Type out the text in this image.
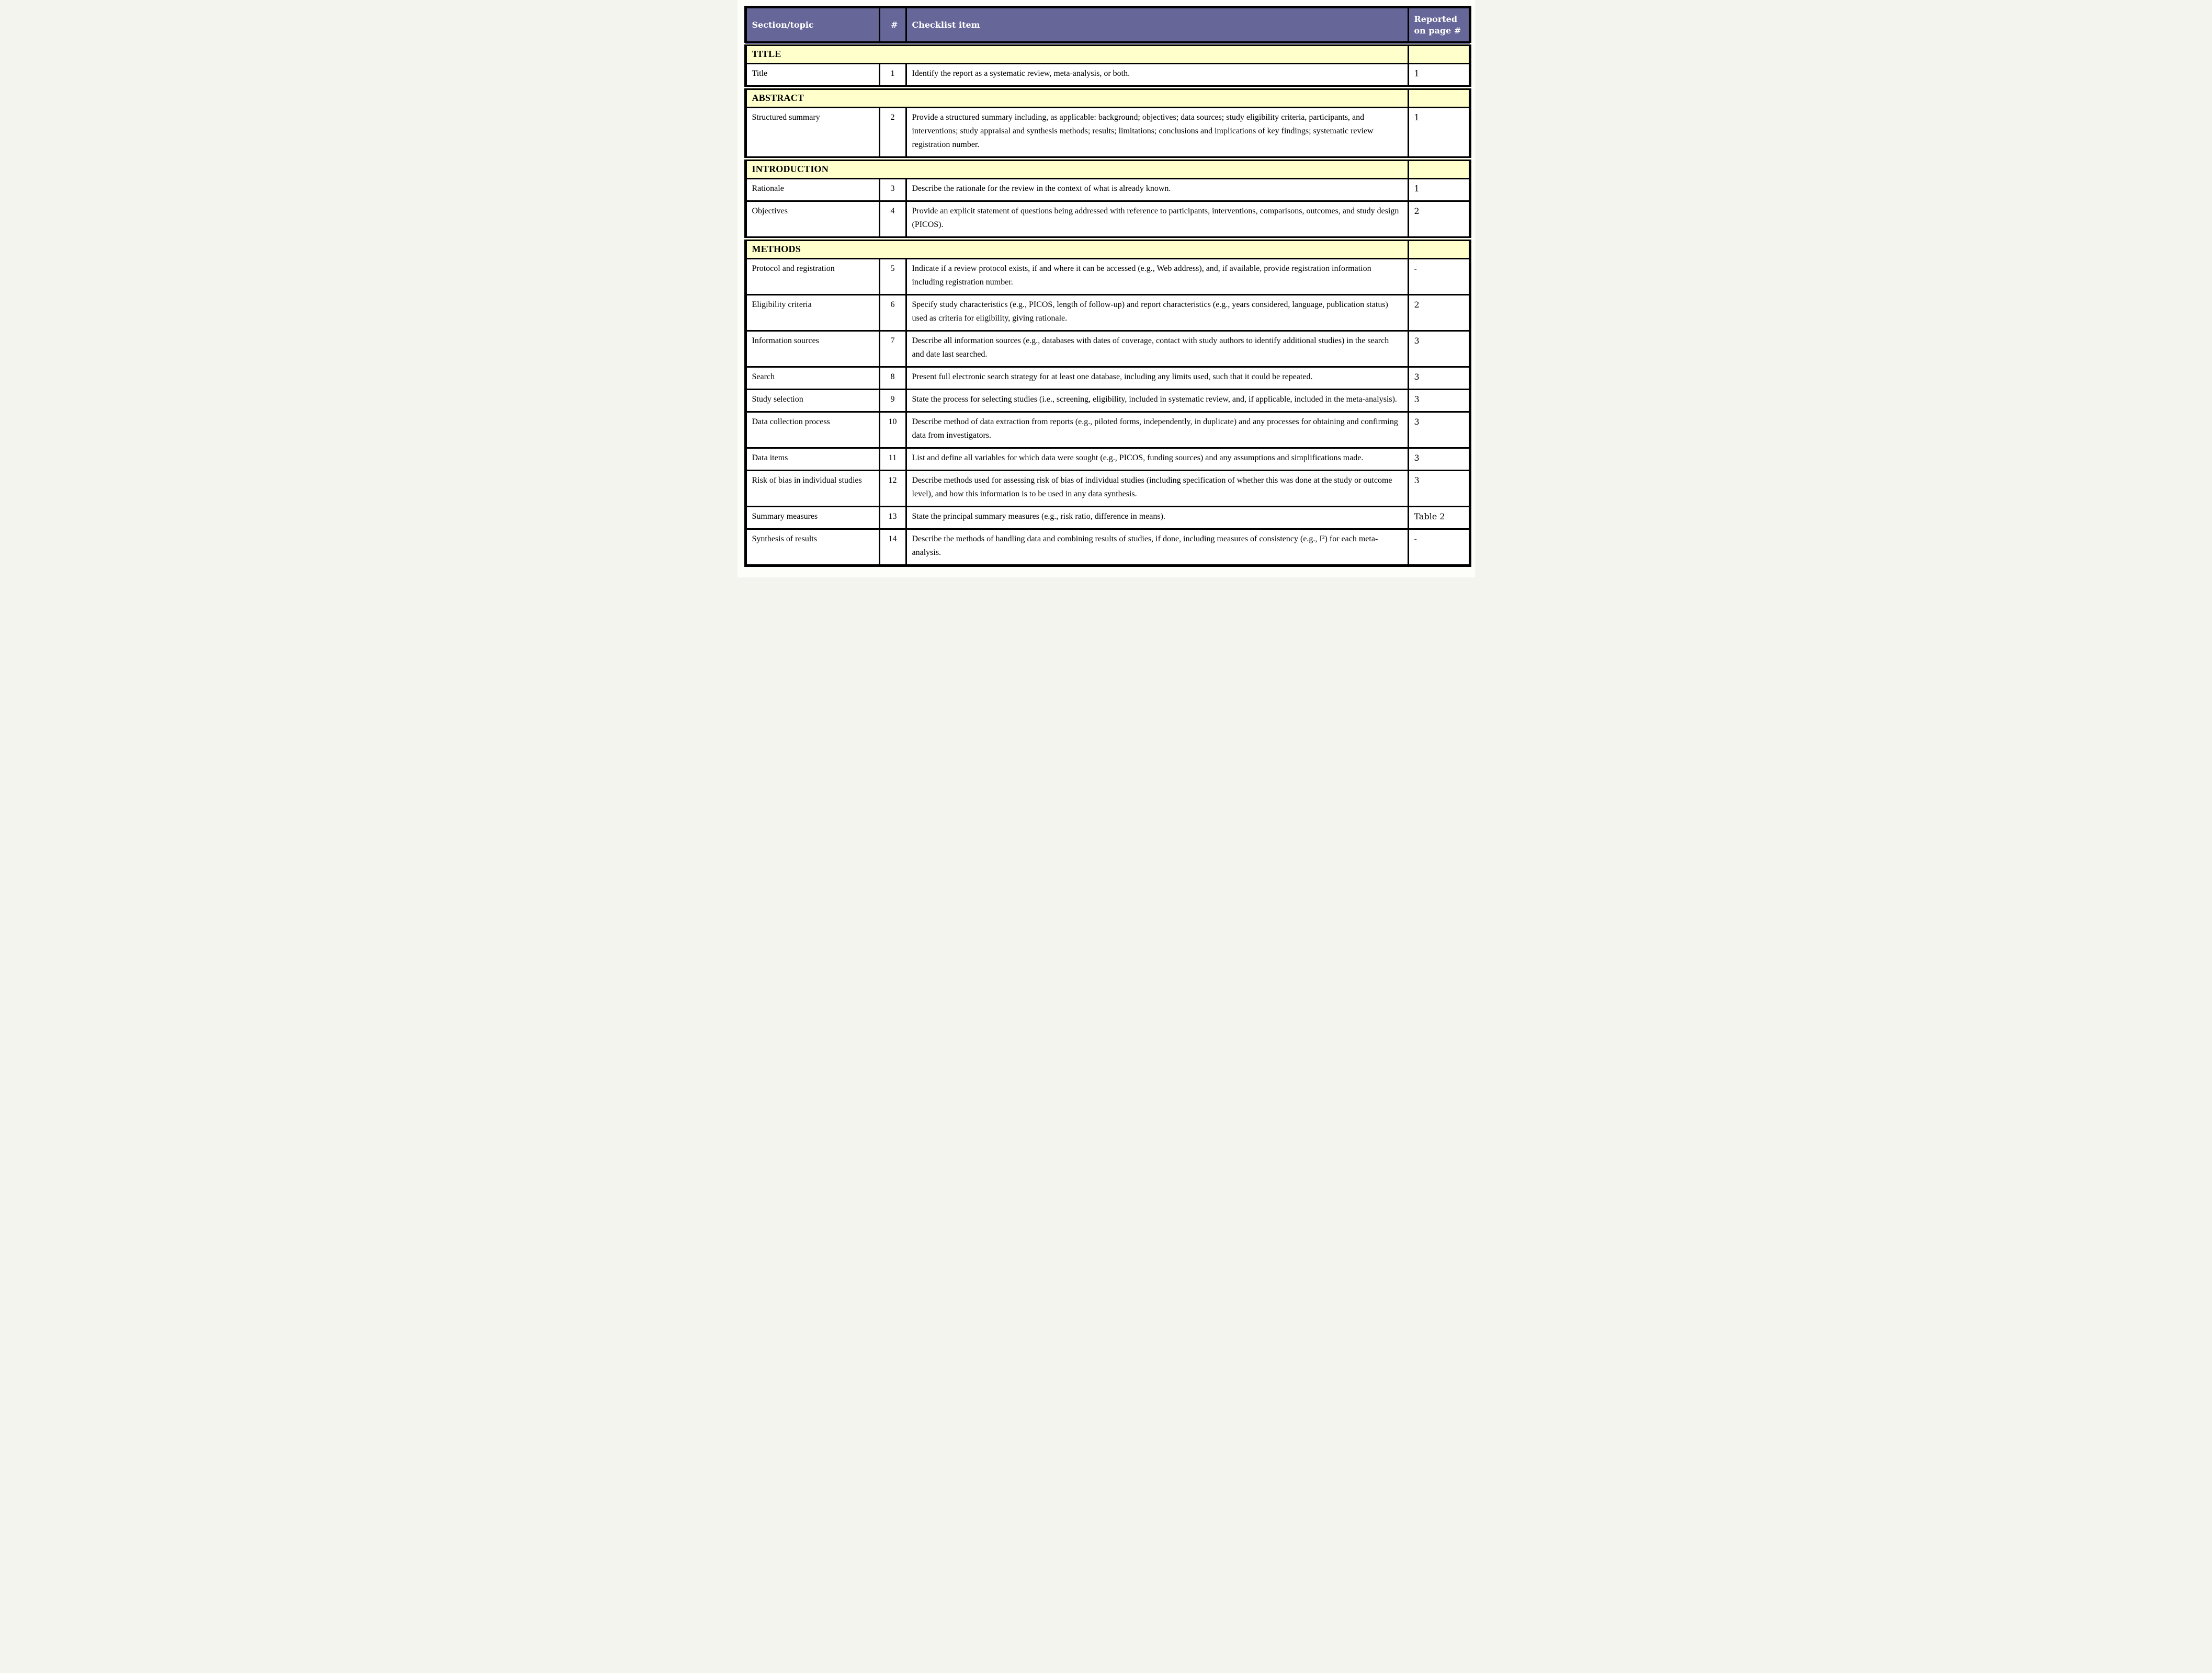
Section/topic	#	Checklist item	Reported on page #
TITLE			
Title	1	Identify the report as a systematic review, meta-analysis, or both.	1
ABSTRACT			
Structured summary	2	Provide a structured summary including, as applicable: background; objectives; data sources; study eligibility criteria, participants, and interventions; study appraisal and synthesis methods; results; limitations; conclusions and implications of key findings; systematic review registration number.	1
INTRODUCTION			
Rationale	3	Describe the rationale for the review in the context of what is already known.	1
Objectives	4	Provide an explicit statement of questions being addressed with reference to participants, interventions, comparisons, outcomes, and study design (PICOS).	2
METHODS			
Protocol and registration	5	Indicate if a review protocol exists, if and where it can be accessed (e.g., Web address), and, if available, provide registration information including registration number.	-
Eligibility criteria	6	Specify study characteristics (e.g., PICOS, length of follow-up) and report characteristics (e.g., years considered, language, publication status) used as criteria for eligibility, giving rationale.	2
Information sources	7	Describe all information sources (e.g., databases with dates of coverage, contact with study authors to identify additional studies) in the search and date last searched.	3
Search	8	Present full electronic search strategy for at least one database, including any limits used, such that it could be repeated.	3
Study selection	9	State the process for selecting studies (i.e., screening, eligibility, included in systematic review, and, if applicable, included in the meta-analysis).	3
Data collection process	10	Describe method of data extraction from reports (e.g., piloted forms, independently, in duplicate) and any processes for obtaining and confirming data from investigators.	3
Data items	11	List and define all variables for which data were sought (e.g., PICOS, funding sources) and any assumptions and simplifications made.	3
Risk of bias in individual studies	12	Describe methods used for assessing risk of bias of individual studies (including specification of whether this was done at the study or outcome level), and how this information is to be used in any data synthesis.	3
Summary measures	13	State the principal summary measures (e.g., risk ratio, difference in means).	Table 2
Synthesis of results	14	Describe the methods of handling data and combining results of studies, if done, including measures of consistency (e.g., I²) for each meta-analysis.	-
